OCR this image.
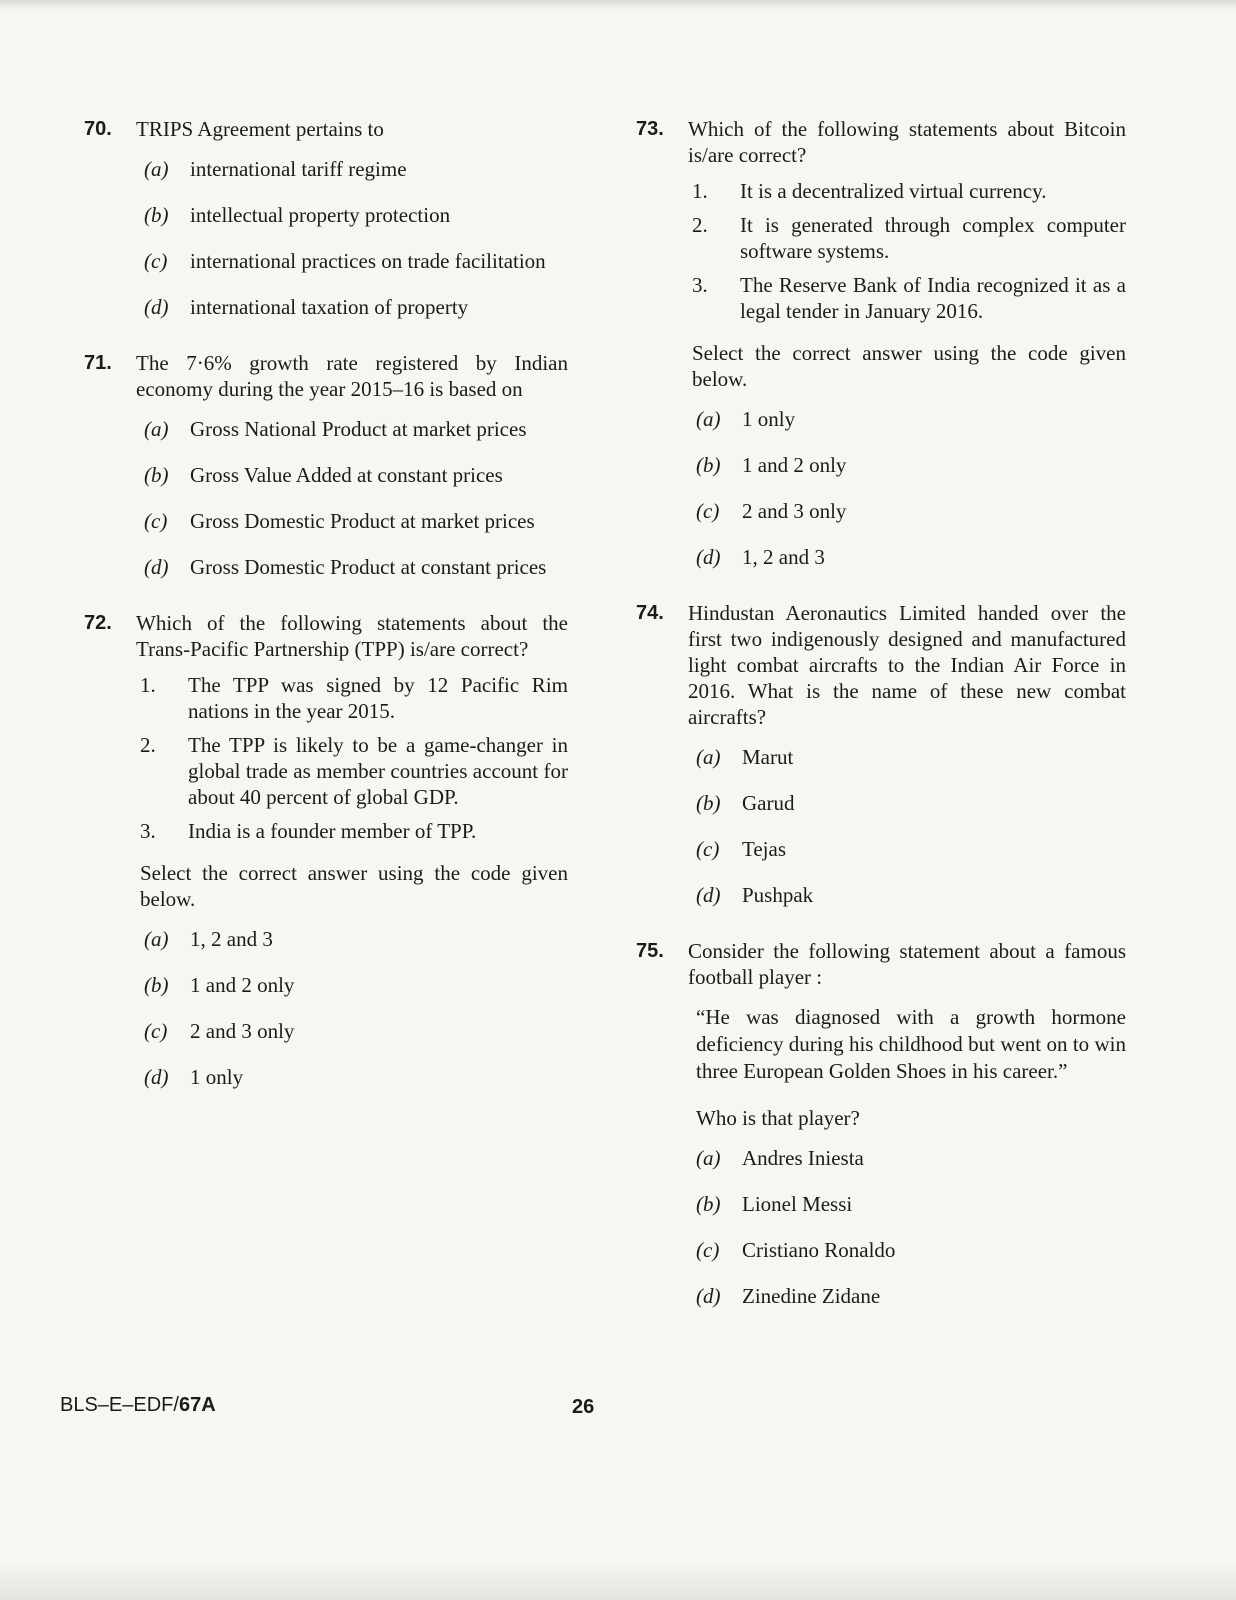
70.	TRIPS Agreement pertains to
(a)	international tariff regime
(b)	intellectual property protection
(c)	international practices on trade facilitation
(d)	international taxation of property
71.	The 7·6% growth rate registered by Indian economy during the year 2015–16 is based on
(a)	Gross National Product at market prices
(b)	Gross Value Added at constant prices
(c)	Gross Domestic Product at market prices
(d)	Gross Domestic Product at constant prices
72.	Which of the following statements about the Trans-Pacific Partnership (TPP) is/are correct?
1.	The TPP was signed by 12 Pacific Rim nations in the year 2015.
2.	The TPP is likely to be a game-changer in global trade as member countries account for about 40 percent of global GDP.
3.	India is a founder member of TPP.
Select the correct answer using the code given below.
(a)	1, 2 and 3
(b)	1 and 2 only
(c)	2 and 3 only
(d)	1 only
73.	Which of the following statements about Bitcoin is/are correct?
1.	It is a decentralized virtual currency.
2.	It is generated through complex computer software systems.
3.	The Reserve Bank of India recognized it as a legal tender in January 2016.
Select the correct answer using the code given below.
(a)	1 only
(b)	1 and 2 only
(c)	2 and 3 only
(d)	1, 2 and 3
74.	Hindustan Aeronautics Limited handed over the first two indigenously designed and manufactured light combat aircrafts to the Indian Air Force in 2016. What is the name of these new combat aircrafts?
(a)	Marut
(b)	Garud
(c)	Tejas
(d)	Pushpak
75.	Consider the following statement about a famous football player :
“He was diagnosed with a growth hormone deficiency during his childhood but went on to win three European Golden Shoes in his career.”
Who is that player?
(a)	Andres Iniesta
(b)	Lionel Messi
(c)	Cristiano Ronaldo
(d)	Zinedine Zidane
BLS–E–EDF/67A	26
